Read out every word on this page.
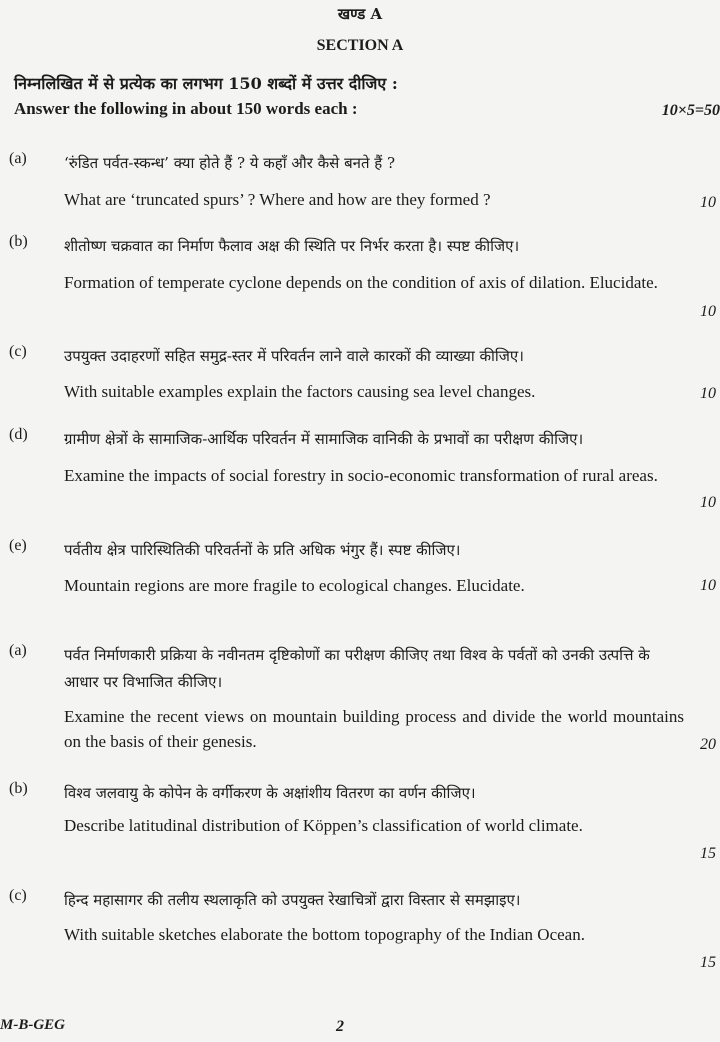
खण्ड A
SECTION A
निम्नलिखित में से प्रत्येक का लगभग 150 शब्दों में उत्तर दीजिए :
Answer the following in about 150 words each :	10×5=50
(a) ‘रुंडित पर्वत-स्कन्ध’ क्या होते हैं ? ये कहाँ और कैसे बनते हैं ?
What are ‘truncated spurs’ ? Where and how are they formed ?	10
(b) शीतोष्ण चक्रवात का निर्माण फैलाव अक्ष की स्थिति पर निर्भर करता है। स्पष्ट कीजिए।
Formation of temperate cyclone depends on the condition of axis of dilation. Elucidate.
10
(c) उपयुक्त उदाहरणों सहित समुद्र-स्तर में परिवर्तन लाने वाले कारकों की व्याख्या कीजिए।
With suitable examples explain the factors causing sea level changes.	10
(d) ग्रामीण क्षेत्रों के सामाजिक-आर्थिक परिवर्तन में सामाजिक वानिकी के प्रभावों का परीक्षण कीजिए।
Examine the impacts of social forestry in socio-economic transformation of rural areas.
10
(e) पर्वतीय क्षेत्र पारिस्थितिकी परिवर्तनों के प्रति अधिक भंगुर हैं। स्पष्ट कीजिए।
Mountain regions are more fragile to ecological changes. Elucidate.	10
(a) पर्वत निर्माणकारी प्रक्रिया के नवीनतम दृष्टिकोणों का परीक्षण कीजिए तथा विश्व के पर्वतों को उनकी उत्पत्ति के आधार पर विभाजित कीजिए।
Examine the recent views on mountain building process and divide the world mountains on the basis of their genesis.	20
(b) विश्व जलवायु के कोपेन के वर्गीकरण के अक्षांशीय वितरण का वर्णन कीजिए।
Describe latitudinal distribution of Köppen’s classification of world climate.
15
(c) हिन्द महासागर की तलीय स्थलाकृति को उपयुक्त रेखाचित्रों द्वारा विस्तार से समझाइए।
With suitable sketches elaborate the bottom topography of the Indian Ocean.
15
M-B-GEG	2
